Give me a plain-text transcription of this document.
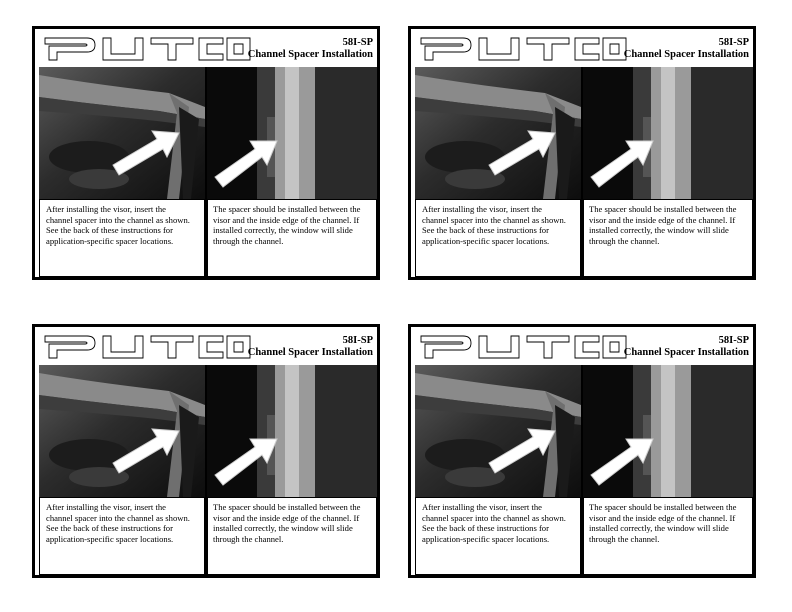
PUTCO
58I-SP
Channel Spacer Installation
After installing the visor, insert the channel spacer into the channel as shown. See the back of these instructions for application-specific spacer locations.
The spacer should be installed between the visor and the inside edge of the channel. If installed correctly, the window will slide through the channel.
PUTCO
58I-SP
Channel Spacer Installation
After installing the visor, insert the channel spacer into the channel as shown. See the back of these instructions for application-specific spacer locations.
The spacer should be installed between the visor and the inside edge of the channel. If installed correctly, the window will slide through the channel.
PUTCO
58I-SP
Channel Spacer Installation
After installing the visor, insert the channel spacer into the channel as shown. See the back of these instructions for application-specific spacer locations.
The spacer should be installed between the visor and the inside edge of the channel. If installed correctly, the window will slide through the channel.
PUTCO
58I-SP
Channel Spacer Installation
After installing the visor, insert the channel spacer into the channel as shown. See the back of these instructions for application-specific spacer locations.
The spacer should be installed between the visor and the inside edge of the channel. If installed correctly, the window will slide through the channel.
